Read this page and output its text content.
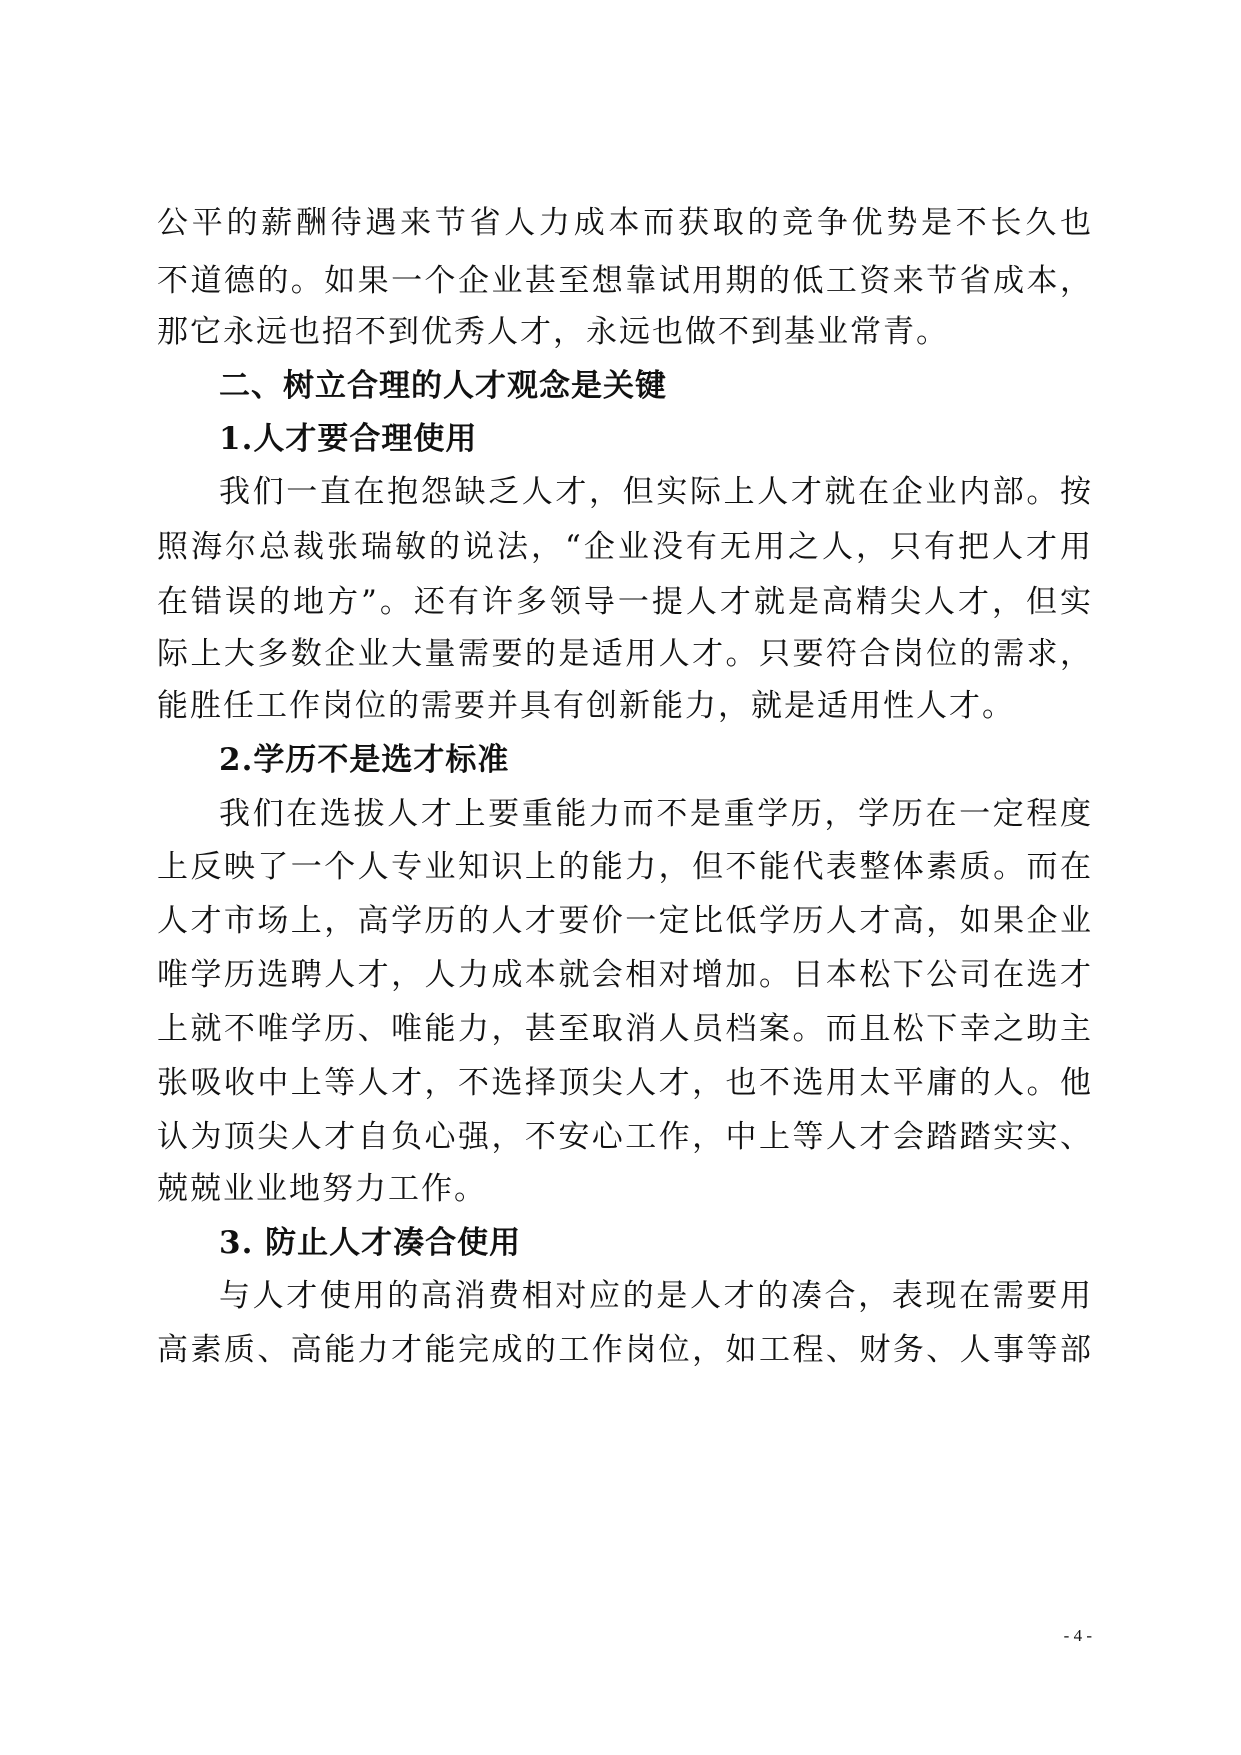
公平的薪酬待遇来节省人力成本而获取的竞争优势是不长久也
不道德的。如果一个企业甚至想靠试用期的低工资来节省成本，
那它永远也招不到优秀人才，永远也做不到基业常青。
二、树立合理的人才观念是关键
1.人才要合理使用
我们一直在抱怨缺乏人才，但实际上人才就在企业内部。按
照海尔总裁张瑞敏的说法，“企业没有无用之人，只有把人才用
在错误的地方”。还有许多领导一提人才就是高精尖人才，但实
际上大多数企业大量需要的是适用人才。只要符合岗位的需求，
能胜任工作岗位的需要并具有创新能力，就是适用性人才。
2.学历不是选才标准
我们在选拔人才上要重能力而不是重学历，学历在一定程度
上反映了一个人专业知识上的能力，但不能代表整体素质。而在
人才市场上，高学历的人才要价一定比低学历人才高，如果企业
唯学历选聘人才，人力成本就会相对增加。日本松下公司在选才
上就不唯学历、唯能力，甚至取消人员档案。而且松下幸之助主
张吸收中上等人才，不选择顶尖人才，也不选用太平庸的人。他
认为顶尖人才自负心强，不安心工作，中上等人才会踏踏实实、
兢兢业业地努力工作。
3. 防止人才凑合使用
与人才使用的高消费相对应的是人才的凑合，表现在需要用
高素质、高能力才能完成的工作岗位，如工程、财务、人事等部
- 4 -
